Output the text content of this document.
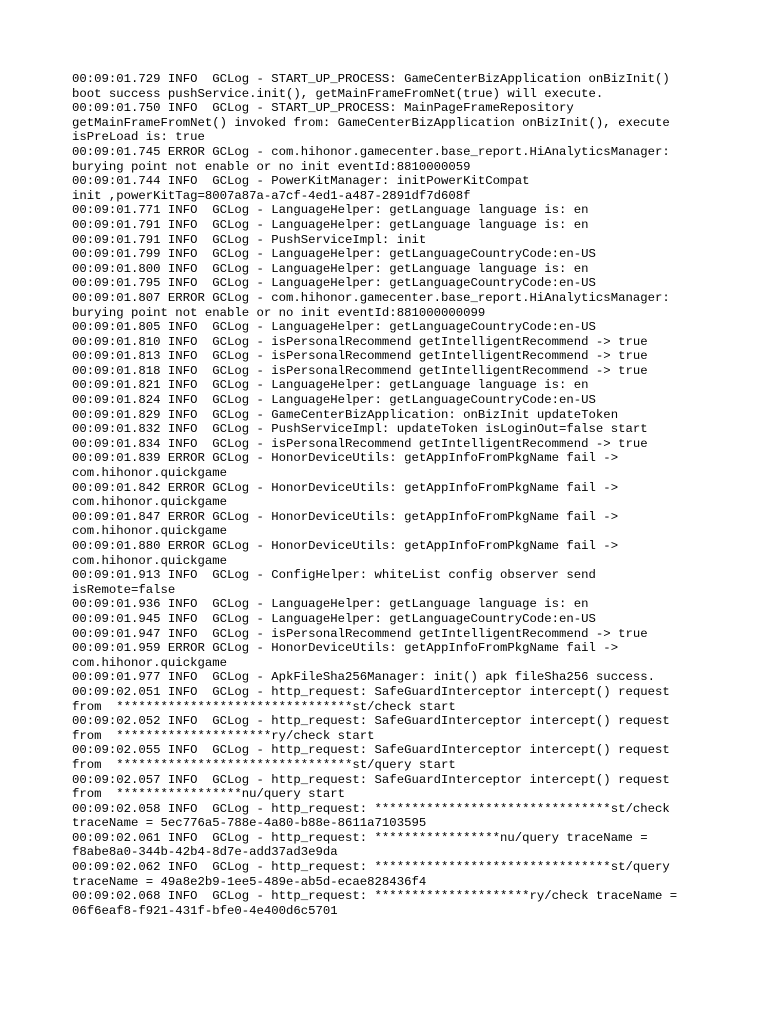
00:09:01.729 INFO  GCLog - START_UP_PROCESS: GameCenterBizApplication onBizInit()
boot success pushService.init(), getMainFrameFromNet(true) will execute.
00:09:01.750 INFO  GCLog - START_UP_PROCESS: MainPageFrameRepository
getMainFrameFromNet() invoked from: GameCenterBizApplication onBizInit(), execute
isPreLoad is: true
00:09:01.745 ERROR GCLog - com.hihonor.gamecenter.base_report.HiAnalyticsManager:
burying point not enable or no init eventId:8810000059
00:09:01.744 INFO  GCLog - PowerKitManager: initPowerKitCompat
init ,powerKitTag=8007a87a-a7cf-4ed1-a487-2891df7d608f
00:09:01.771 INFO  GCLog - LanguageHelper: getLanguage language is: en
00:09:01.791 INFO  GCLog - LanguageHelper: getLanguage language is: en
00:09:01.791 INFO  GCLog - PushServiceImpl: init
00:09:01.799 INFO  GCLog - LanguageHelper: getLanguageCountryCode:en-US
00:09:01.800 INFO  GCLog - LanguageHelper: getLanguage language is: en
00:09:01.795 INFO  GCLog - LanguageHelper: getLanguageCountryCode:en-US
00:09:01.807 ERROR GCLog - com.hihonor.gamecenter.base_report.HiAnalyticsManager:
burying point not enable or no init eventId:881000000099
00:09:01.805 INFO  GCLog - LanguageHelper: getLanguageCountryCode:en-US
00:09:01.810 INFO  GCLog - isPersonalRecommend getIntelligentRecommend -> true
00:09:01.813 INFO  GCLog - isPersonalRecommend getIntelligentRecommend -> true
00:09:01.818 INFO  GCLog - isPersonalRecommend getIntelligentRecommend -> true
00:09:01.821 INFO  GCLog - LanguageHelper: getLanguage language is: en
00:09:01.824 INFO  GCLog - LanguageHelper: getLanguageCountryCode:en-US
00:09:01.829 INFO  GCLog - GameCenterBizApplication: onBizInit updateToken
00:09:01.832 INFO  GCLog - PushServiceImpl: updateToken isLoginOut=false start
00:09:01.834 INFO  GCLog - isPersonalRecommend getIntelligentRecommend -> true
00:09:01.839 ERROR GCLog - HonorDeviceUtils: getAppInfoFromPkgName fail ->
com.hihonor.quickgame
00:09:01.842 ERROR GCLog - HonorDeviceUtils: getAppInfoFromPkgName fail ->
com.hihonor.quickgame
00:09:01.847 ERROR GCLog - HonorDeviceUtils: getAppInfoFromPkgName fail ->
com.hihonor.quickgame
00:09:01.880 ERROR GCLog - HonorDeviceUtils: getAppInfoFromPkgName fail ->
com.hihonor.quickgame
00:09:01.913 INFO  GCLog - ConfigHelper: whiteList config observer send
isRemote=false
00:09:01.936 INFO  GCLog - LanguageHelper: getLanguage language is: en
00:09:01.945 INFO  GCLog - LanguageHelper: getLanguageCountryCode:en-US
00:09:01.947 INFO  GCLog - isPersonalRecommend getIntelligentRecommend -> true
00:09:01.959 ERROR GCLog - HonorDeviceUtils: getAppInfoFromPkgName fail ->
com.hihonor.quickgame
00:09:01.977 INFO  GCLog - ApkFileSha256Manager: init() apk fileSha256 success.
00:09:02.051 INFO  GCLog - http_request: SafeGuardInterceptor intercept() request
from  ********************************st/check start
00:09:02.052 INFO  GCLog - http_request: SafeGuardInterceptor intercept() request
from  *********************ry/check start
00:09:02.055 INFO  GCLog - http_request: SafeGuardInterceptor intercept() request
from  ********************************st/query start
00:09:02.057 INFO  GCLog - http_request: SafeGuardInterceptor intercept() request
from  *****************nu/query start
00:09:02.058 INFO  GCLog - http_request: ********************************st/check
traceName = 5ec776a5-788e-4a80-b88e-8611a7103595
00:09:02.061 INFO  GCLog - http_request: *****************nu/query traceName =
f8abe8a0-344b-42b4-8d7e-add37ad3e9da
00:09:02.062 INFO  GCLog - http_request: ********************************st/query
traceName = 49a8e2b9-1ee5-489e-ab5d-ecae828436f4
00:09:02.068 INFO  GCLog - http_request: *********************ry/check traceName =
06f6eaf8-f921-431f-bfe0-4e400d6c5701
